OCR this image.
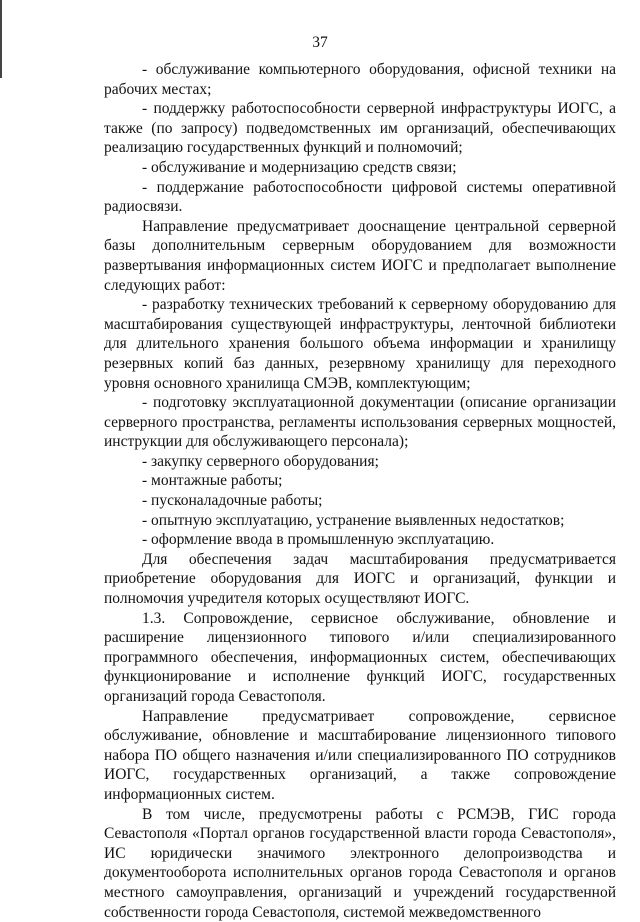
37

- обслуживание компьютерного оборудования, офисной техники на рабочих местах;

- поддержку работоспособности серверной инфраструктуры ИОГС, а также (по запросу) подведомственных им организаций, обеспечивающих реализацию государственных функций и полномочий;

- обслуживание и модернизацию средств связи;

- поддержание работоспособности цифровой системы оперативной радиосвязи.

Направление предусматривает дооснащение центральной серверной базы дополнительным серверным оборудованием для возможности развертывания информационных систем ИОГС и предполагает выполнение следующих работ:

- разработку технических требований к серверному оборудованию для масштабирования существующей инфраструктуры, ленточной библиотеки для длительного хранения большого объема информации и хранилищу резервных копий баз данных, резервному хранилищу для переходного уровня основного хранилища СМЭВ, комплектующим;

- подготовку эксплуатационной документации (описание организации серверного пространства, регламенты использования серверных мощностей, инструкции для обслуживающего персонала);

- закупку серверного оборудования;

- монтажные работы;

- пусконаладочные работы;

- опытную эксплуатацию, устранение выявленных недостатков;

- оформление ввода в промышленную эксплуатацию.

Для обеспечения задач масштабирования предусматривается приобретение оборудования для ИОГС и организаций, функции и полномочия учредителя которых осуществляют ИОГС.

1.3. Сопровождение, сервисное обслуживание, обновление и расширение лицензионного типового и/или специализированного программного обеспечения, информационных систем, обеспечивающих функционирование и исполнение функций ИОГС, государственных организаций города Севастополя.

Направление предусматривает сопровождение, сервисное обслуживание, обновление и масштабирование лицензионного типового набора ПО общего назначения и/или специализированного ПО сотрудников ИОГС, государственных организаций, а также сопровождение информационных систем.

В том числе, предусмотрены работы с РСМЭВ, ГИС города Севастополя «Портал органов государственной власти города Севастополя», ИС юридически значимого электронного делопроизводства и документооборота исполнительных органов города Севастополя и органов местного самоуправления, организаций и учреждений государственной собственности города Севастополя, системой межведомственного
